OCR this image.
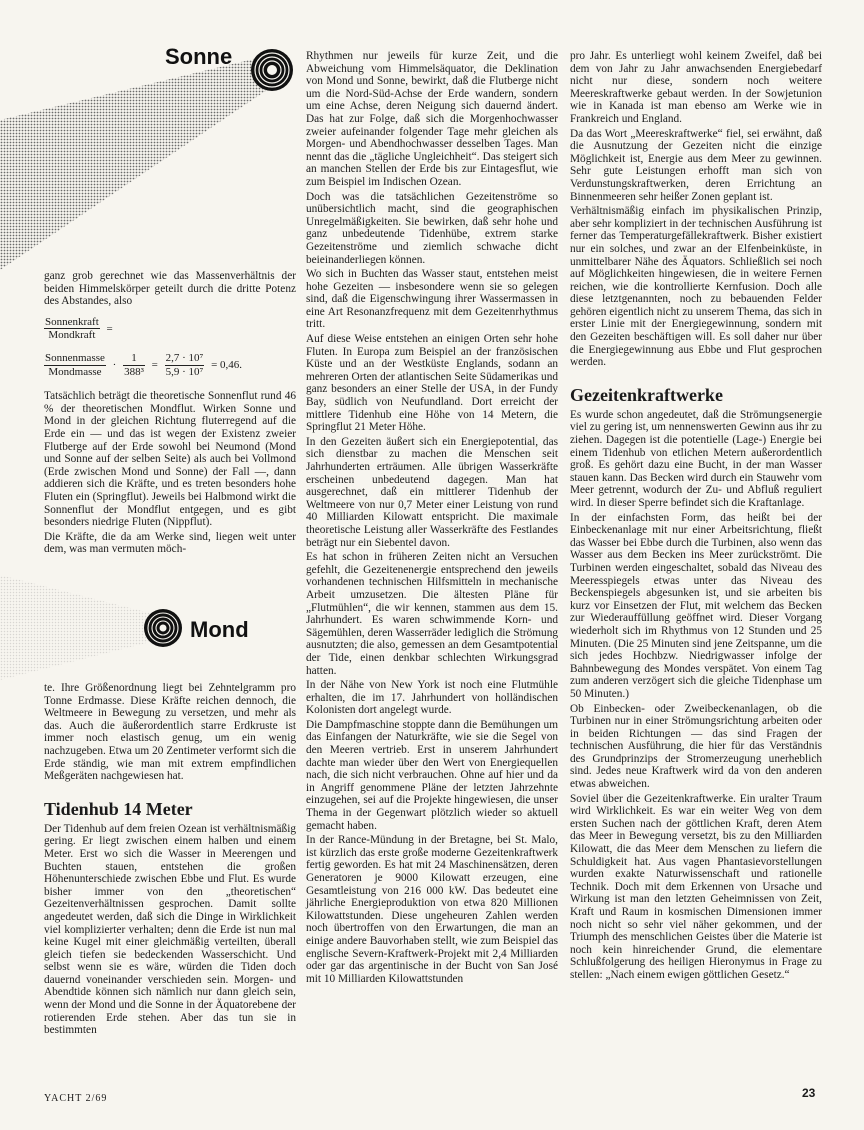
Sonne
Mond

ganz grob gerechnet wie das Massenverhältnis der beiden Himmelskörper geteilt durch die dritte Potenz des Abstandes, also

$\frac{\text{Sonnenkraft}}{\text{Mondkraft}}$ =
$\frac{\text{Sonnenmasse}}{\text{Mondmasse}} \cdot \frac{1}{\text{388³}} = \frac{\text{2,7 · 10⁷}}{\text{5,9 · 10⁷}} = 0,46$.

Tatsächlich beträgt die theoretische Sonnenflut rund 46 % der theoretischen Mondflut. Wirken Sonne und Mond in der gleichen Richtung fluterregend auf die Erde ein — und das ist wegen der Existenz zweier Flutberge auf der Erde sowohl bei Neumond (Mond und Sonne auf der selben Seite) als auch bei Vollmond (Erde zwischen Mond und Sonne) der Fall —, dann addieren sich die Kräfte, und es treten besonders hohe Fluten ein (Springflut). Jeweils bei Halbmond wirkt die Sonnenflut der Mondflut entgegen, und es gibt besonders niedrige Fluten (Nippflut).

Die Kräfte, die da am Werke sind, liegen weit unter dem, was man vermuten möch-

te. Ihre Größenordnung liegt bei Zehntelgramm pro Tonne Erdmasse. Diese Kräfte reichen dennoch, die Weltmeere in Bewegung zu versetzen, und mehr als das. Auch die äußerordentlich starre Erdkruste ist immer noch elastisch genug, um ein wenig nachzugeben. Etwa um 20 Zentimeter verformt sich die Erde ständig, wie man mit extrem empfindlichen Meßgeräten nachgewiesen hat.

Tidenhub 14 Meter

Der Tidenhub auf dem freien Ozean ist verhältnismäßig gering. Er liegt zwischen einem halben und einem Meter. Erst wo sich die Wasser in Meerengen und Buchten stauen, entstehen die großen Höhenunterschiede zwischen Ebbe und Flut. Es wurde bisher immer von den „theoretischen“ Gezeitenverhältnissen gesprochen. Damit sollte angedeutet werden, daß sich die Dinge in Wirklichkeit viel komplizierter verhalten; denn die Erde ist nun mal keine Kugel mit einer gleichmäßig verteilten, überall gleich tiefen sie bedeckenden Wasserschicht. Und selbst wenn sie es wäre, würden die Tiden doch dauernd voneinander verschieden sein. Morgen- und Abendtide können sich nämlich nur dann gleich sein, wenn der Mond und die Sonne in der Äquatorebene der rotierenden Erde stehen. Aber das tun sie in bestimmten

Rhythmen nur jeweils für kurze Zeit, und die Abweichung vom Himmelsäquator, die Deklination von Mond und Sonne, bewirkt, daß die Flutberge nicht um die Nord-Süd-Achse der Erde wandern, sondern um eine Achse, deren Neigung sich dauernd ändert. Das hat zur Folge, daß sich die Morgenhochwasser zweier aufeinander folgender Tage mehr gleichen als Morgen- und Abendhochwasser desselben Tages. Man nennt das die „tägliche Ungleichheit“. Das steigert sich an manchen Stellen der Erde bis zur Eintagesflut, wie zum Beispiel im Indischen Ozean.

Doch was die tatsächlichen Gezeitenströme so unübersichtlich macht, sind die geographischen Unregelmäßigkeiten. Sie bewirken, daß sehr hohe und ganz unbedeutende Tidenhübe, extrem starke Gezeitenströme und ziemlich schwache dicht beieinanderliegen können.

Wo sich in Buchten das Wasser staut, entstehen meist hohe Gezeiten — insbesondere wenn sie so gelegen sind, daß die Eigenschwingung ihrer Wassermassen in eine Art Resonanzfrequenz mit dem Gezeitenrhythmus tritt.

Auf diese Weise entstehen an einigen Orten sehr hohe Fluten. In Europa zum Beispiel an der französischen Küste und an der Westküste Englands, sodann an mehreren Orten der atlantischen Seite Südamerikas und ganz besonders an einer Stelle der USA, in der Fundy Bay, südlich von Neufundland. Dort erreicht der mittlere Tidenhub eine Höhe von 14 Metern, die Springflut 21 Meter Höhe.

In den Gezeiten äußert sich ein Energiepotential, das sich dienstbar zu machen die Menschen seit Jahrhunderten erträumen. Alle übrigen Wasserkräfte erscheinen unbedeutend dagegen. Man hat ausgerechnet, daß ein mittlerer Tidenhub der Weltmeere von nur 0,7 Meter einer Leistung von rund 40 Milliarden Kilowatt entspricht. Die maximale theoretische Leistung aller Wasserkräfte des Festlandes beträgt nur ein Siebentel davon.

Es hat schon in früheren Zeiten nicht an Versuchen gefehlt, die Gezeitenenergie entsprechend den jeweils vorhandenen technischen Hilfsmitteln in mechanische Arbeit umzusetzen. Die ältesten Pläne für „Flutmühlen“, die wir kennen, stammen aus dem 15. Jahrhundert. Es waren schwimmende Korn- und Sägemühlen, deren Wasserräder lediglich die Strömung ausnutzten; die also, gemessen an dem Gesamtpotential der Tide, einen denkbar schlechten Wirkungsgrad hatten.

In der Nähe von New York ist noch eine Flutmühle erhalten, die im 17. Jahrhundert von holländischen Kolonisten dort angelegt wurde.

Die Dampfmaschine stoppte dann die Bemühungen um das Einfangen der Naturkräfte, wie sie die Segel von den Meeren vertrieb. Erst in unserem Jahrhundert dachte man wieder über den Wert von Energiequellen nach, die sich nicht verbrauchen. Ohne auf hier und da in Angriff genommene Pläne der letzten Jahrzehnte einzugehen, sei auf die Projekte hingewiesen, die unser Thema in der Gegenwart plötzlich wieder so aktuell gemacht haben.

In der Rance-Mündung in der Bretagne, bei St. Malo, ist kürzlich das erste große moderne Gezeitenkraftwerk fertig geworden. Es hat mit 24 Maschinensätzen, deren Generatoren je 9000 Kilowatt erzeugen, eine Gesamtleistung von 216 000 kW. Das bedeutet eine jährliche Energieproduktion von etwa 820 Millionen Kilowattstunden. Diese ungeheuren Zahlen werden noch übertroffen von den Erwartungen, die man an einige andere Bauvorhaben stellt, wie zum Beispiel das englische Severn-Kraftwerk-Projekt mit 2,4 Milliarden oder gar das argentinische in der Bucht von San José mit 10 Milliarden Kilowattstunden

pro Jahr. Es unterliegt wohl keinem Zweifel, daß bei dem von Jahr zu Jahr anwachsenden Energiebedarf nicht nur diese, sondern noch weitere Meereskraftwerke gebaut werden. In der Sowjetunion wie in Kanada ist man ebenso am Werke wie in Frankreich und England.

Da das Wort „Meereskraftwerke“ fiel, sei erwähnt, daß die Ausnutzung der Gezeiten nicht die einzige Möglichkeit ist, Energie aus dem Meer zu gewinnen. Sehr gute Leistungen erhofft man sich von Verdunstungskraftwerken, deren Errichtung an Binnenmeeren sehr heißer Zonen geplant ist.

Verhältnismäßig einfach im physikalischen Prinzip, aber sehr kompliziert in der technischen Ausführung ist ferner das Temperaturgefällekraftwerk. Bisher existiert nur ein solches, und zwar an der Elfenbeinküste, in unmittelbarer Nähe des Äquators. Schließlich sei noch auf Möglichkeiten hingewiesen, die in weitere Fernen reichen, wie die kontrollierte Kernfusion. Doch alle diese letztgenannten, noch zu bebauenden Felder gehören eigentlich nicht zu unserem Thema, das sich in erster Linie mit der Energiegewinnung, sondern mit den Gezeiten beschäftigen will. Es soll daher nur über die Energiegewinnung aus Ebbe und Flut gesprochen werden.

Gezeitenkraftwerke

Es wurde schon angedeutet, daß die Strömungsenergie viel zu gering ist, um nennenswerten Gewinn aus ihr zu ziehen. Dagegen ist die potentielle (Lage-) Energie bei einem Tidenhub von etlichen Metern außerordentlich groß. Es gehört dazu eine Bucht, in der man Wasser stauen kann. Das Becken wird durch ein Stauwehr vom Meer getrennt, wodurch der Zu- und Abfluß reguliert wird. In dieser Sperre befindet sich die Kraftanlage.

In der einfachsten Form, das heißt bei der Einbeckenanlage mit nur einer Arbeitsrichtung, fließt das Wasser bei Ebbe durch die Turbinen, also wenn das Wasser aus dem Becken ins Meer zurückströmt. Die Turbinen werden eingeschaltet, sobald das Niveau des Meeresspiegels etwas unter das Niveau des Beckenspiegels abgesunken ist, und sie arbeiten bis kurz vor Einsetzen der Flut, mit welchem das Becken zur Wiederauffüllung geöffnet wird. Dieser Vorgang wiederholt sich im Rhythmus von 12 Stunden und 25 Minuten. (Die 25 Minuten sind jene Zeitspanne, um die sich jedes Hochbzw. Niedrigwasser infolge der Bahnbewegung des Mondes verspätet. Von einem Tag zum anderen verzögert sich die gleiche Tidenphase um 50 Minuten.)

Ob Einbecken- oder Zweibeckenanlagen, ob die Turbinen nur in einer Strömungsrichtung arbeiten oder in beiden Richtungen — das sind Fragen der technischen Ausführung, die hier für das Verständnis des Grundprinzips der Stromerzeugung unerheblich sind. Jedes neue Kraftwerk wird da von den anderen etwas abweichen.

Soviel über die Gezeitenkraftwerke. Ein uralter Traum wird Wirklichkeit. Es war ein weiter Weg von dem ersten Suchen nach der göttlichen Kraft, deren Atem das Meer in Bewegung versetzt, bis zu den Milliarden Kilowatt, die das Meer dem Menschen zu liefern die Schuldigkeit hat. Aus vagen Phantasievorstellungen wurden exakte Naturwissenschaft und rationelle Technik. Doch mit dem Erkennen von Ursache und Wirkung ist man den letzten Geheimnissen von Zeit, Kraft und Raum in kosmischen Dimensionen immer noch nicht so sehr viel näher gekommen, und der Triumph des menschlichen Geistes über die Materie ist noch kein hinreichender Grund, die elementare Schlußfolgerung des heiligen Hieronymus in Frage zu stellen: „Nach einem ewigen göttlichen Gesetz.“

YACHT 2/69	23
